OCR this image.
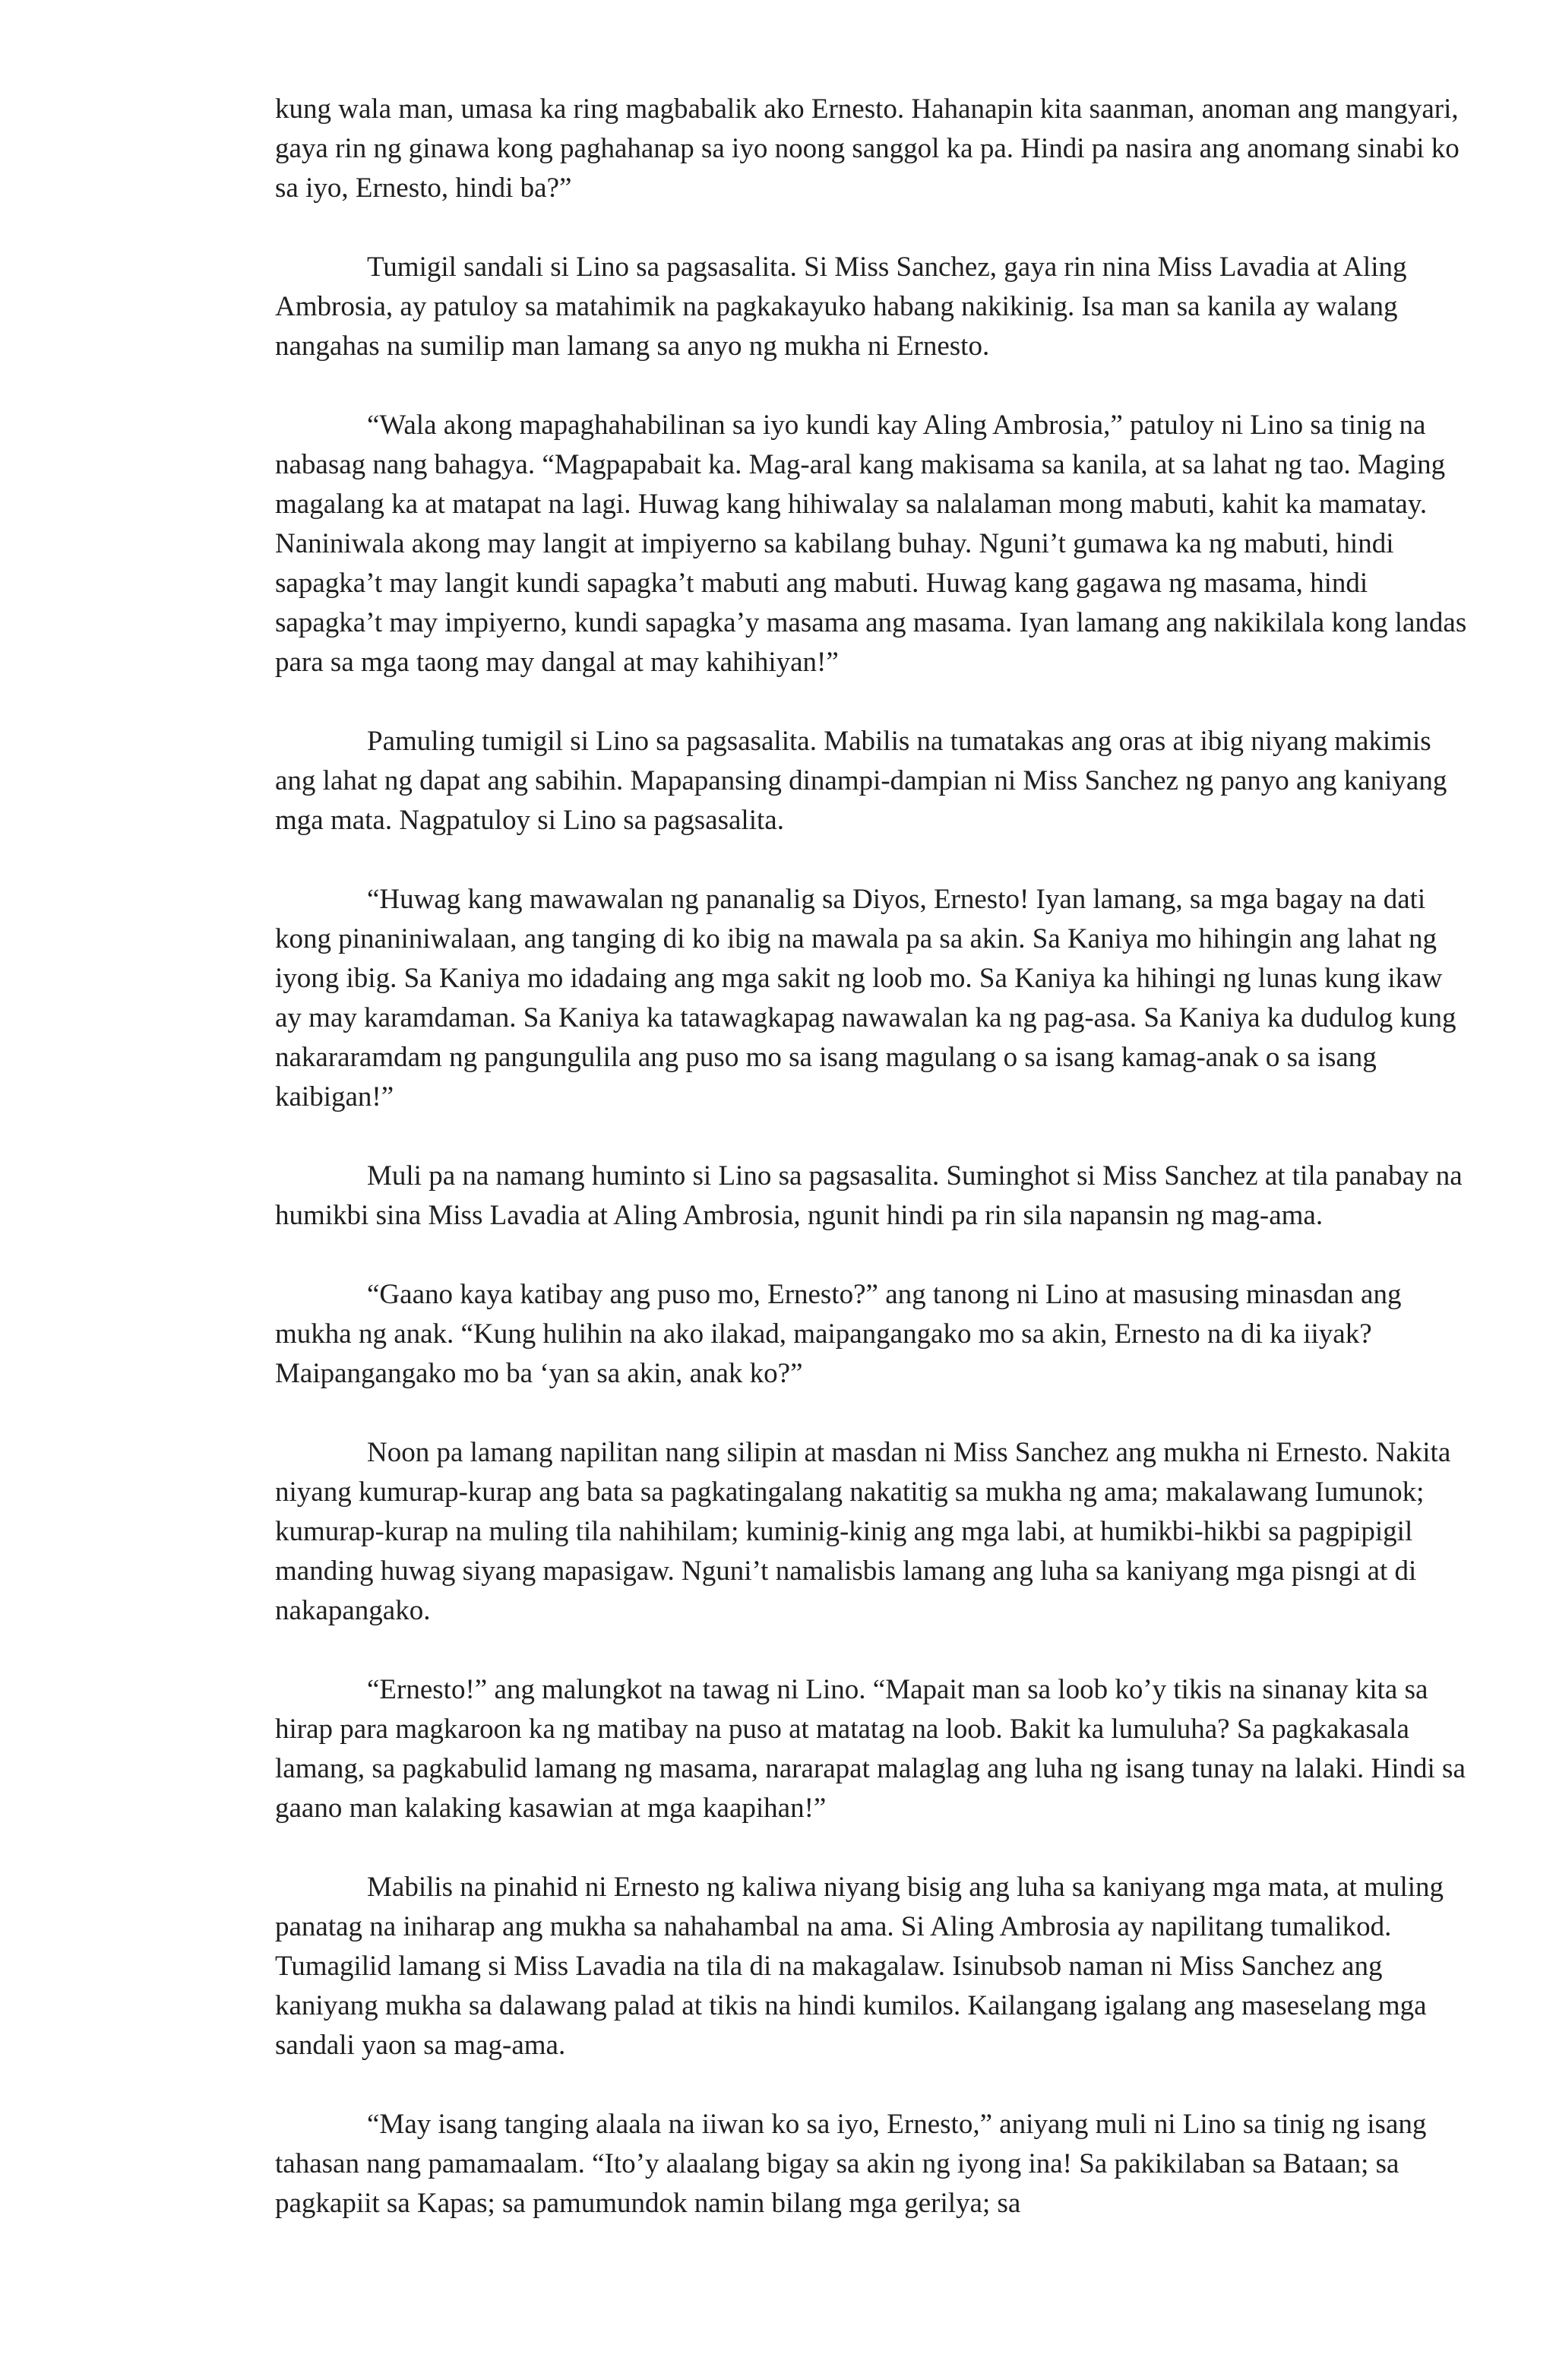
kung wala man, umasa ka ring magbabalik ako Ernesto. Hahanapin kita saanman, anoman ang mangyari, gaya rin ng ginawa kong paghahanap sa iyo noong sanggol ka pa. Hindi pa nasira ang anomang sinabi ko sa iyo, Ernesto, hindi ba?”

Tumigil sandali si Lino sa pagsasalita. Si Miss Sanchez, gaya rin nina Miss Lavadia at Aling Ambrosia, ay patuloy sa matahimik na pagkakayuko habang nakikinig. Isa man sa kanila ay walang nangahas na sumilip man lamang sa anyo ng mukha ni Ernesto.

“Wala akong mapaghahabilinan sa iyo kundi kay Aling Ambrosia,” patuloy ni Lino sa tinig na nabasag nang bahagya. “Magpapabait ka. Mag-aral kang makisama sa kanila, at sa lahat ng tao. Maging magalang ka at matapat na lagi. Huwag kang hihiwalay sa nalalaman mong mabuti, kahit ka mamatay. Naniniwala akong may langit at impiyerno sa kabilang buhay. Nguni’t gumawa ka ng mabuti, hindi sapagka’t may langit kundi sapagka’t mabuti ang mabuti. Huwag kang gagawa ng masama, hindi sapagka’t may impiyerno, kundi sapagka’y masama ang masama. Iyan lamang ang nakikilala kong landas para sa mga taong may dangal at may kahihiyan!”

Pamuling tumigil si Lino sa pagsasalita. Mabilis na tumatakas ang oras at ibig niyang makimis ang lahat ng dapat ang sabihin. Mapapansing dinampi-dampian ni Miss Sanchez ng panyo ang kaniyang mga mata. Nagpatuloy si Lino sa pagsasalita.

“Huwag kang mawawalan ng pananalig sa Diyos, Ernesto! Iyan lamang, sa mga bagay na dati kong pinaniniwalaan, ang tanging di ko ibig na mawala pa sa akin. Sa Kaniya mo hihingin ang lahat ng iyong ibig. Sa Kaniya mo idadaing ang mga sakit ng loob mo. Sa Kaniya ka hihingi ng lunas kung ikaw ay may karamdaman. Sa Kaniya ka tatawagkapag nawawalan ka ng pag-asa. Sa Kaniya ka dudulog kung nakararamdam ng pangungulila ang puso mo sa isang magulang o sa isang kamag-anak o sa isang kaibigan!”

Muli pa na namang huminto si Lino sa pagsasalita. Suminghot si Miss Sanchez at tila panabay na humikbi sina Miss Lavadia at Aling Ambrosia, ngunit hindi pa rin sila napansin ng mag-ama.

“Gaano kaya katibay ang puso mo, Ernesto?” ang tanong ni Lino at masusing minasdan ang mukha ng anak. “Kung hulihin na ako ilakad, maipangangako mo sa akin, Ernesto na di ka iiyak? Maipangangako mo ba ‘yan sa akin, anak ko?”

Noon pa lamang napilitan nang silipin at masdan ni Miss Sanchez ang mukha ni Ernesto. Nakita niyang kumurap-kurap ang bata sa pagkatingalang nakatitig sa mukha ng ama; makalawang Iumunok; kumurap-kurap na muling tila nahihilam; kuminig-kinig ang mga labi, at humikbi-hikbi sa pagpipigil manding huwag siyang mapasigaw. Nguni’t namalisbis lamang ang luha sa kaniyang mga pisngi at di nakapangako.

“Ernesto!” ang malungkot na tawag ni Lino. “Mapait man sa loob ko’y tikis na sinanay kita sa hirap para magkaroon ka ng matibay na puso at matatag na loob. Bakit ka lumuluha? Sa pagkakasala lamang, sa pagkabulid lamang ng masama, nararapat malaglag ang luha ng isang tunay na lalaki. Hindi sa gaano man kalaking kasawian at mga kaapihan!”

Mabilis na pinahid ni Ernesto ng kaliwa niyang bisig ang luha sa kaniyang mga mata, at muling panatag na iniharap ang mukha sa nahahambal na ama. Si Aling Ambrosia ay napilitang tumalikod. Tumagilid lamang si Miss Lavadia na tila di na makagalaw. Isinubsob naman ni Miss Sanchez ang kaniyang mukha sa dalawang palad at tikis na hindi kumilos. Kailangang igalang ang maseselang mga sandali yaon sa mag-ama.

“May isang tanging alaala na iiwan ko sa iyo, Ernesto,” aniyang muli ni Lino sa tinig ng isang tahasan nang pamamaalam. “Ito’y alaalang bigay sa akin ng iyong ina! Sa pakikilaban sa Bataan; sa pagkapiit sa Kapas; sa pamumundok namin bilang mga gerilya; sa
